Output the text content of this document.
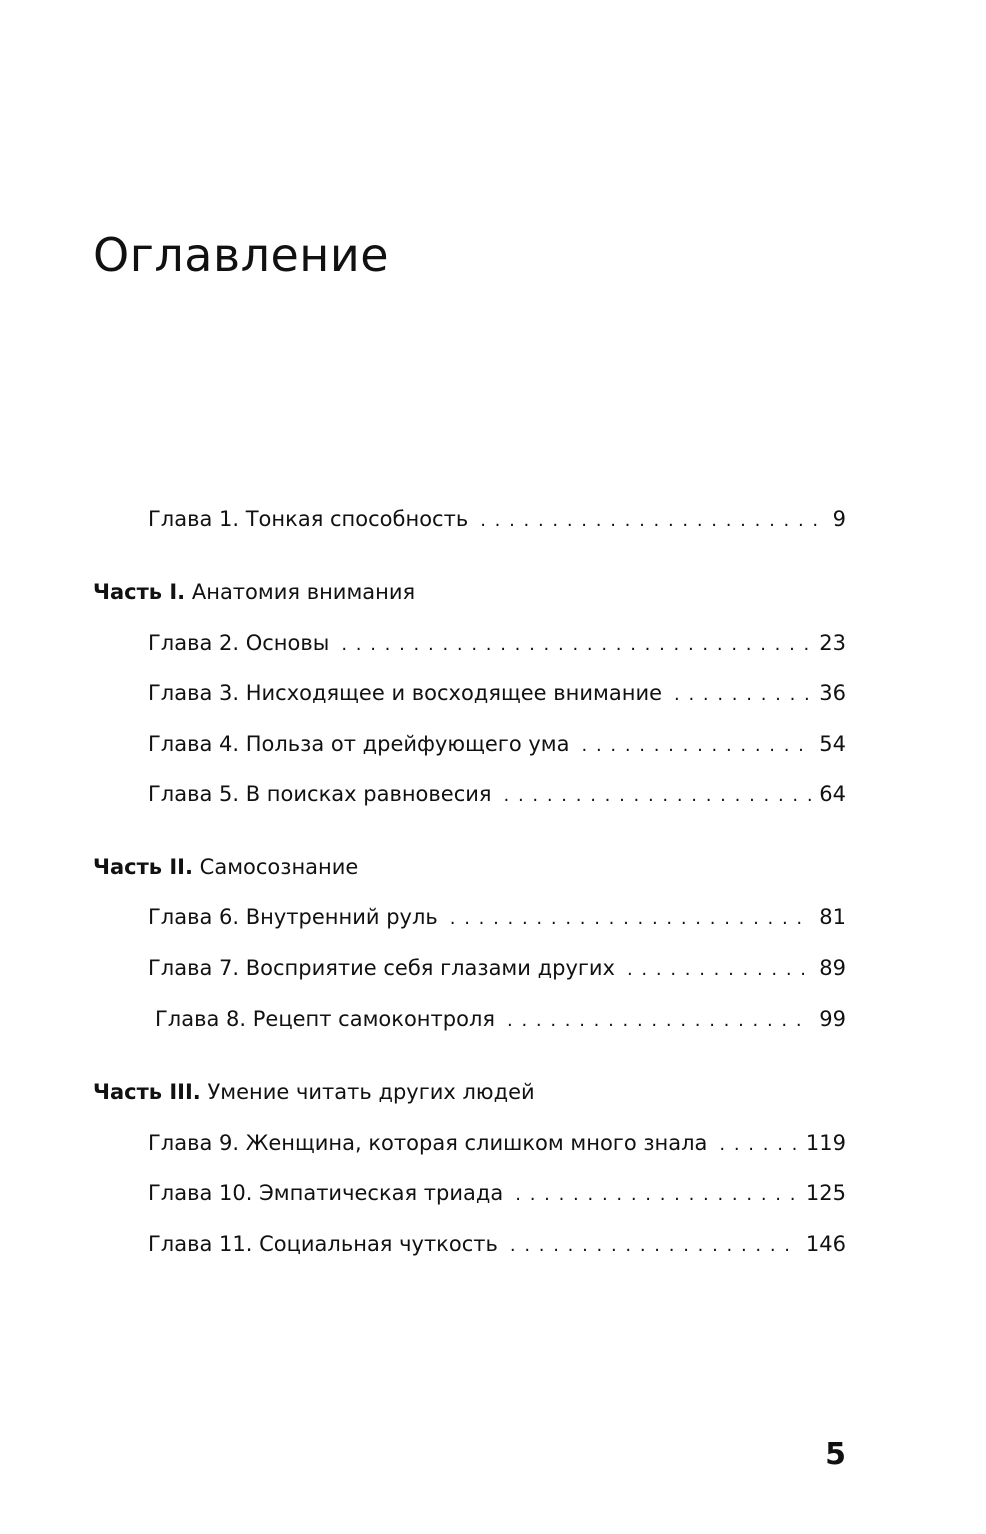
Оглавление
Глава 1. Тонкая способность . . .	9
Часть I. Анатомия внимания
Глава 2. Основы . . .	23
Глава 3. Нисходящее и восходящее внимание . . .	36
Глава 4. Польза от дрейфующего ума . . .	54
Глава 5. В поисках равновесия . . .	64
Часть II. Самосознание
Глава 6. Внутренний руль . . .	81
Глава 7. Восприятие себя глазами других . . .	89
Глава 8. Рецепт самоконтроля . . .	99
Часть III. Умение читать других людей
Глава 9. Женщина, которая слишком много знала . . .	119
Глава 10. Эмпатическая триада . . .	125
Глава 11. Социальная чуткость . . .	146
5
